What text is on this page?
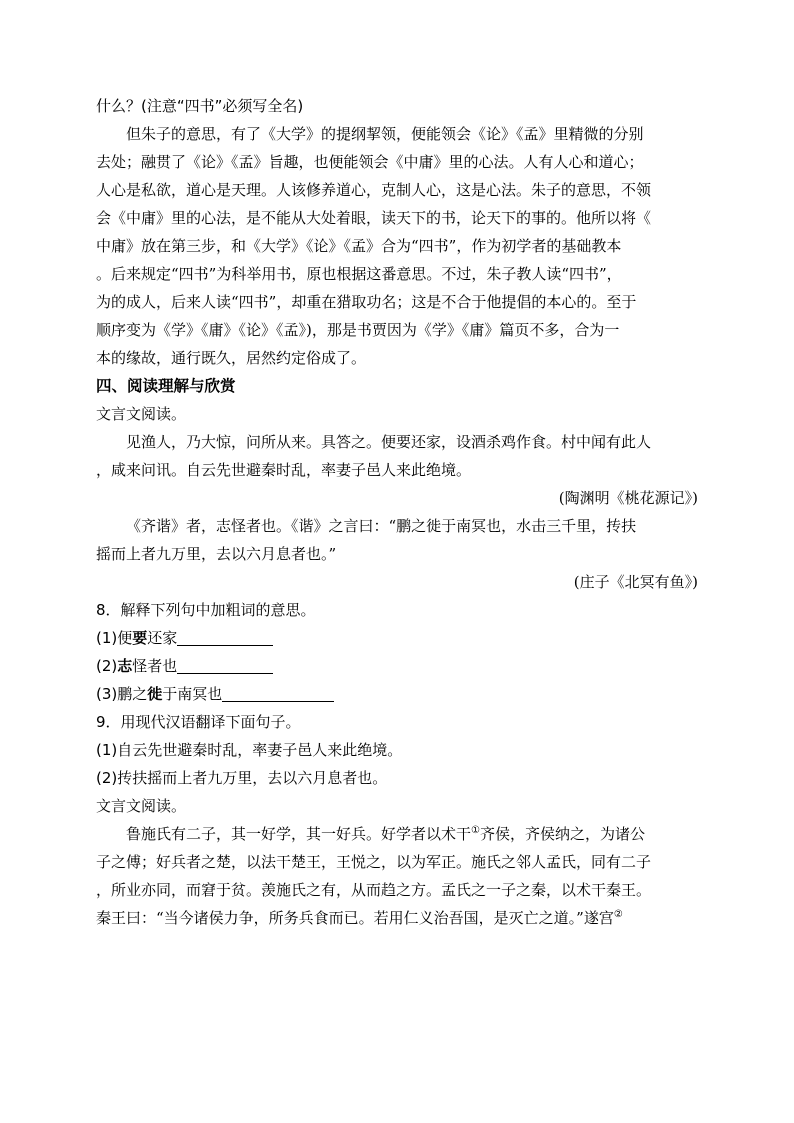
什么？(注意“四书”必须写全名)
但朱子的意思，有了《大学》的提纲挈领，便能领会《论》《孟》里精微的分别
去处；融贯了《论》《孟》旨趣，也便能领会《中庸》里的心法。人有人心和道心；
人心是私欲，道心是天理。人该修养道心，克制人心，这是心法。朱子的意思，不领
会《中庸》里的心法，是不能从大处着眼，读天下的书，论天下的事的。他所以将《
中庸》放在第三步，和《大学》《论》《孟》合为“四书”，作为初学者的基础教本
。后来规定“四书”为科举用书，原也根据这番意思。不过，朱子教人读“四书”，
为的成人，后来人读“四书”，却重在猎取功名；这是不合于他提倡的本心的。至于
顺序变为《学》《庸》《论》《孟》)，那是书贾因为《学》《庸》篇页不多，合为一
本的缘故，通行既久，居然约定俗成了。
四、阅读理解与欣赏
文言文阅读。
见渔人，乃大惊，问所从来。具答之。便要还家，设酒杀鸡作食。村中闻有此人
，咸来问讯。自云先世避秦时乱，率妻子邑人来此绝境。
(陶渊明《桃花源记》)
《齐谐》者，志怪者也。《谐》之言曰：“鹏之徙于南冥也，水击三千里，抟扶
摇而上者九万里，去以六月息者也。”
(庄子《北冥有鱼》)
8．解释下列句中加粗词的意思。
(1)便要还家
(2)志怪者也
(3)鹏之徙于南冥也
9．用现代汉语翻译下面句子。
(1)自云先世避秦时乱，率妻子邑人来此绝境。
(2)抟扶摇而上者九万里，去以六月息者也。
文言文阅读。
鲁施氏有二子，其一好学，其一好兵。好学者以术干①齐侯，齐侯纳之，为诸公
子之傅；好兵者之楚，以法干楚王，王悦之，以为军正。施氏之邻人孟氏，同有二子
，所业亦同，而窘于贫。羡施氏之有，从而趋之方。孟氏之一子之秦，以术干秦王。
秦王曰：“当今诸侯力争，所务兵食而已。若用仁义治吾国，是灭亡之道。”遂宫②
